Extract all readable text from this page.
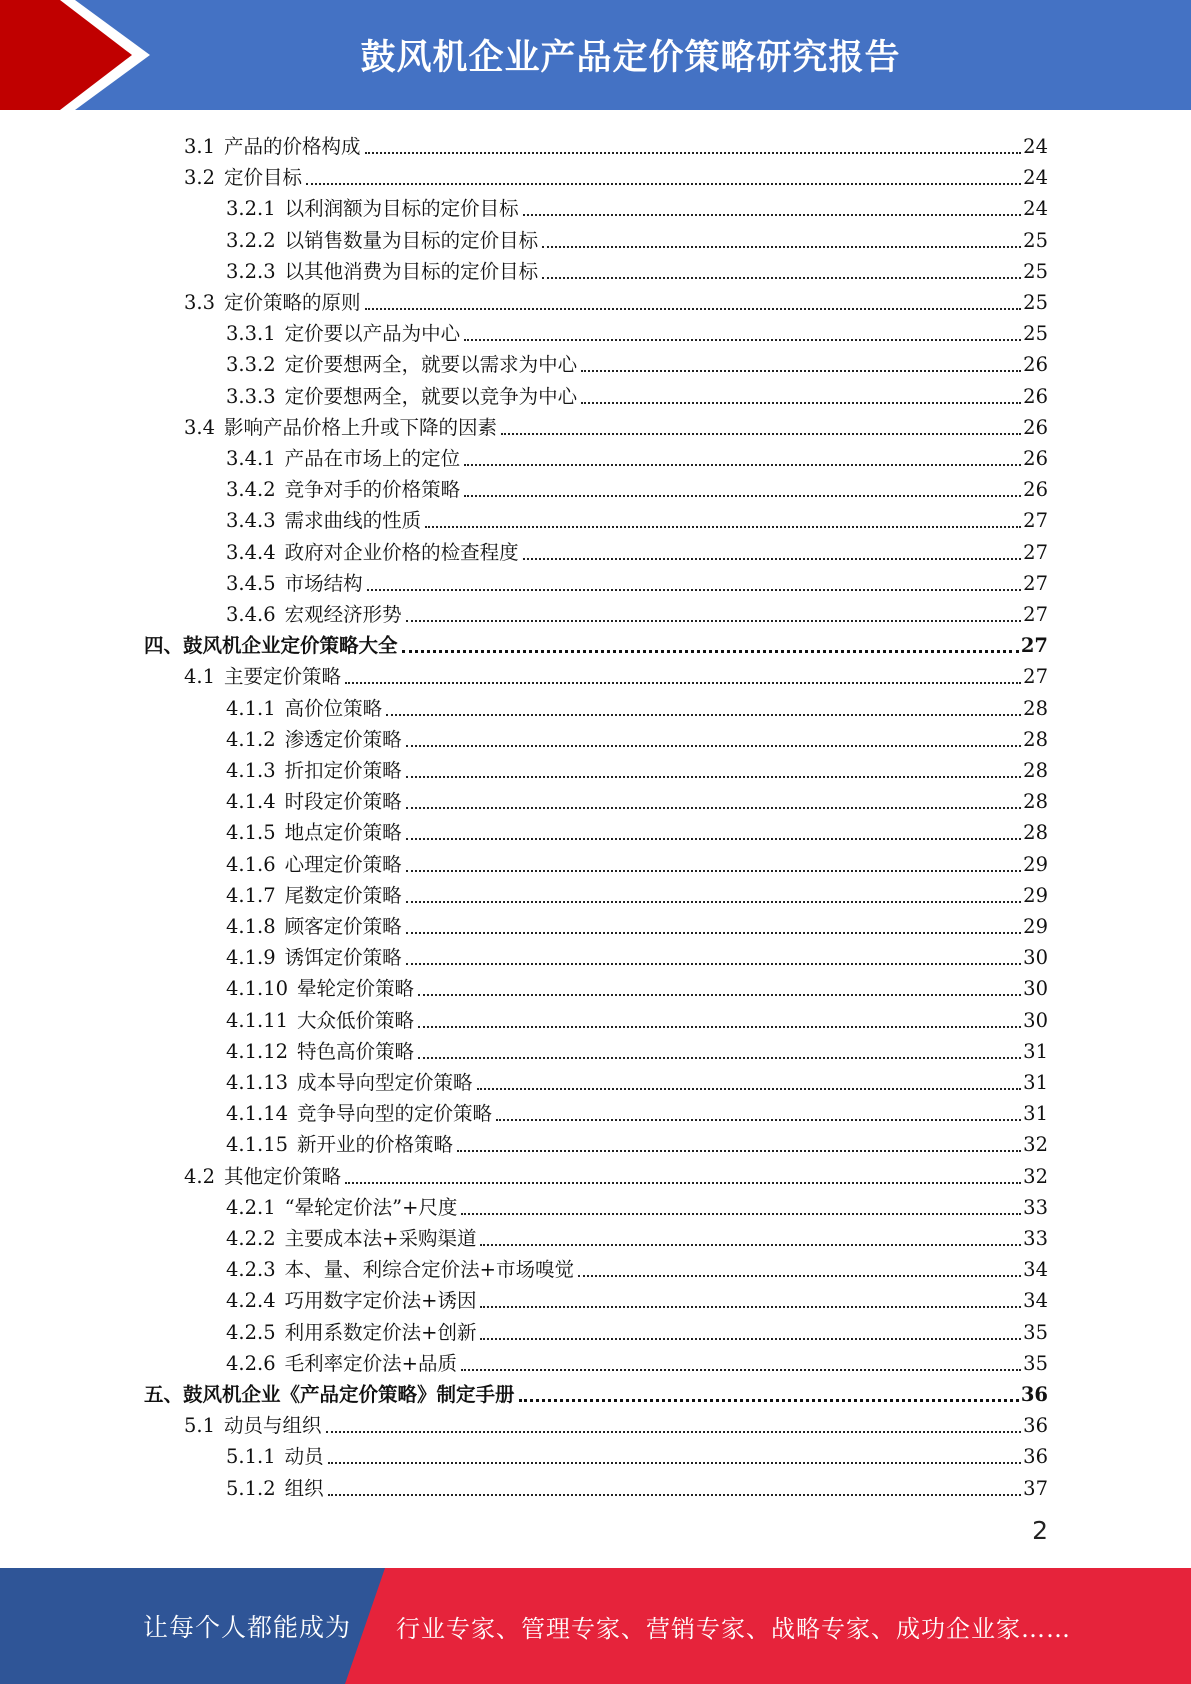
鼓风机企业产品定价策略研究报告
3.1 产品的价格构成	24
3.2 定价目标	24
3.2.1 以利润额为目标的定价目标	24
3.2.2 以销售数量为目标的定价目标	25
3.2.3 以其他消费为目标的定价目标	25
3.3 定价策略的原则	25
3.3.1 定价要以产品为中心	25
3.3.2 定价要想两全，就要以需求为中心	26
3.3.3 定价要想两全，就要以竞争为中心	26
3.4 影响产品价格上升或下降的因素	26
3.4.1 产品在市场上的定位	26
3.4.2 竞争对手的价格策略	26
3.4.3 需求曲线的性质	27
3.4.4 政府对企业价格的检查程度	27
3.4.5 市场结构	27
3.4.6 宏观经济形势	27
四、鼓风机企业定价策略大全	27
4.1 主要定价策略	27
4.1.1 高价位策略	28
4.1.2 渗透定价策略	28
4.1.3 折扣定价策略	28
4.1.4 时段定价策略	28
4.1.5 地点定价策略	28
4.1.6 心理定价策略	29
4.1.7 尾数定价策略	29
4.1.8 顾客定价策略	29
4.1.9 诱饵定价策略	30
4.1.10 晕轮定价策略	30
4.1.11 大众低价策略	30
4.1.12 特色高价策略	31
4.1.13 成本导向型定价策略	31
4.1.14 竞争导向型的定价策略	31
4.1.15 新开业的价格策略	32
4.2 其他定价策略	32
4.2.1 “晕轮定价法”+尺度	33
4.2.2 主要成本法+采购渠道	33
4.2.3 本、量、利综合定价法+市场嗅觉	34
4.2.4 巧用数字定价法+诱因	34
4.2.5 利用系数定价法+创新	35
4.2.6 毛利率定价法+品质	35
五、鼓风机企业《产品定价策略》制定手册	36
5.1 动员与组织	36
5.1.1 动员	36
5.1.2 组织	37
2
让每个人都能成为 行业专家、管理专家、营销专家、战略专家、成功企业家……
